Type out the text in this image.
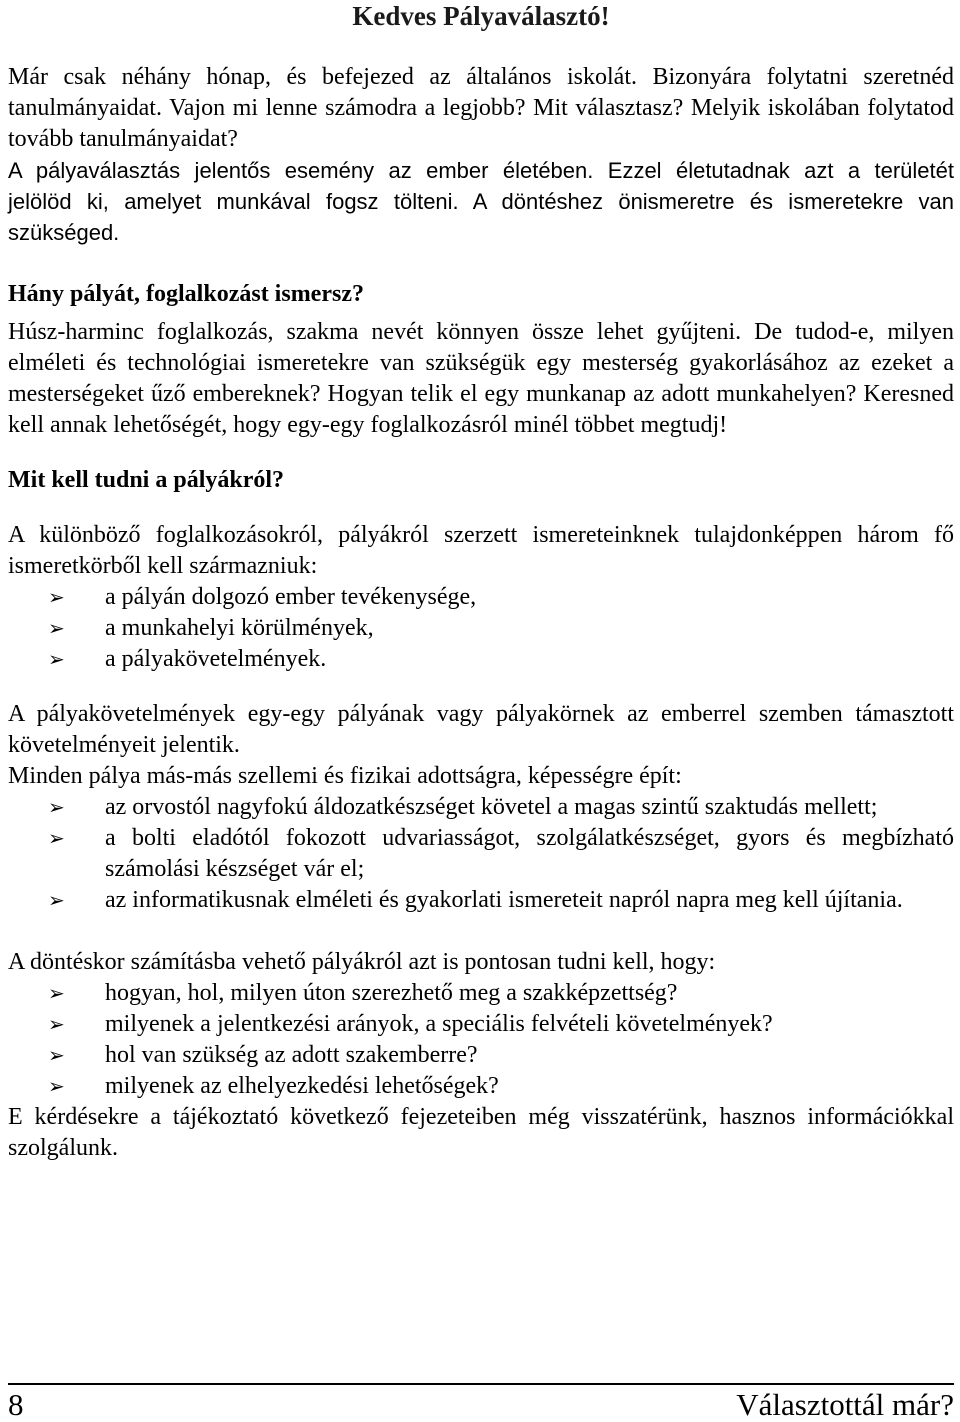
Kedves Pályaválasztó!

Már csak néhány hónap, és befejezed az általános iskolát. Bizonyára folytatni szeretnéd tanulmányaidat. Vajon mi lenne számodra a legjobb? Mit választasz? Melyik iskolában folytatod tovább tanulmányaidat?

A pályaválasztás jelentős esemény az ember életében. Ezzel életutadnak azt a területét jelölöd ki, amelyet munkával fogsz tölteni. A döntéshez önismeretre és ismeretekre van szükséged.

Hány pályát, foglalkozást ismersz?

Húsz-harminc foglalkozás, szakma nevét könnyen össze lehet gyűjteni. De tudod-e, milyen elméleti és technológiai ismeretekre van szükségük egy mesterség gyakorlásához az ezeket a mesterségeket űző embereknek? Hogyan telik el egy munkanap az adott munkahelyen? Keresned kell annak lehetőségét, hogy egy-egy foglalkozásról minél többet megtudj!

Mit kell tudni a pályákról?

A különböző foglalkozásokról, pályákról szerzett ismereteinknek tulajdonképpen három fő ismeretkörből kell származniuk:

➢	a pályán dolgozó ember tevékenysége,
➢	a munkahelyi körülmények,
➢	a pályakövetelmények.

A pályakövetelmények egy-egy pályának vagy pályakörnek az emberrel szemben támasztott követelményeit jelentik.

Minden pálya más-más szellemi és fizikai adottságra, képességre épít:

➢	az orvostól nagyfokú áldozatkészséget követel a magas szintű szaktudás mellett;
➢	a bolti eladótól fokozott udvariasságot, szolgálatkészséget, gyors és megbízható számolási készséget vár el;
➢	az informatikusnak elméleti és gyakorlati ismereteit napról napra meg kell újítania.

A döntéskor számításba vehető pályákról azt is pontosan tudni kell, hogy:

➢	hogyan, hol, milyen úton szerezhető meg a szakképzettség?
➢	milyenek a jelentkezési arányok, a speciális felvételi követelmények?
➢	hol van szükség az adott szakemberre?
➢	milyenek az elhelyezkedési lehetőségek?

E kérdésekre a tájékoztató következő fejezeteiben még visszatérünk, hasznos információkkal szolgálunk.

8	Választottál már?
